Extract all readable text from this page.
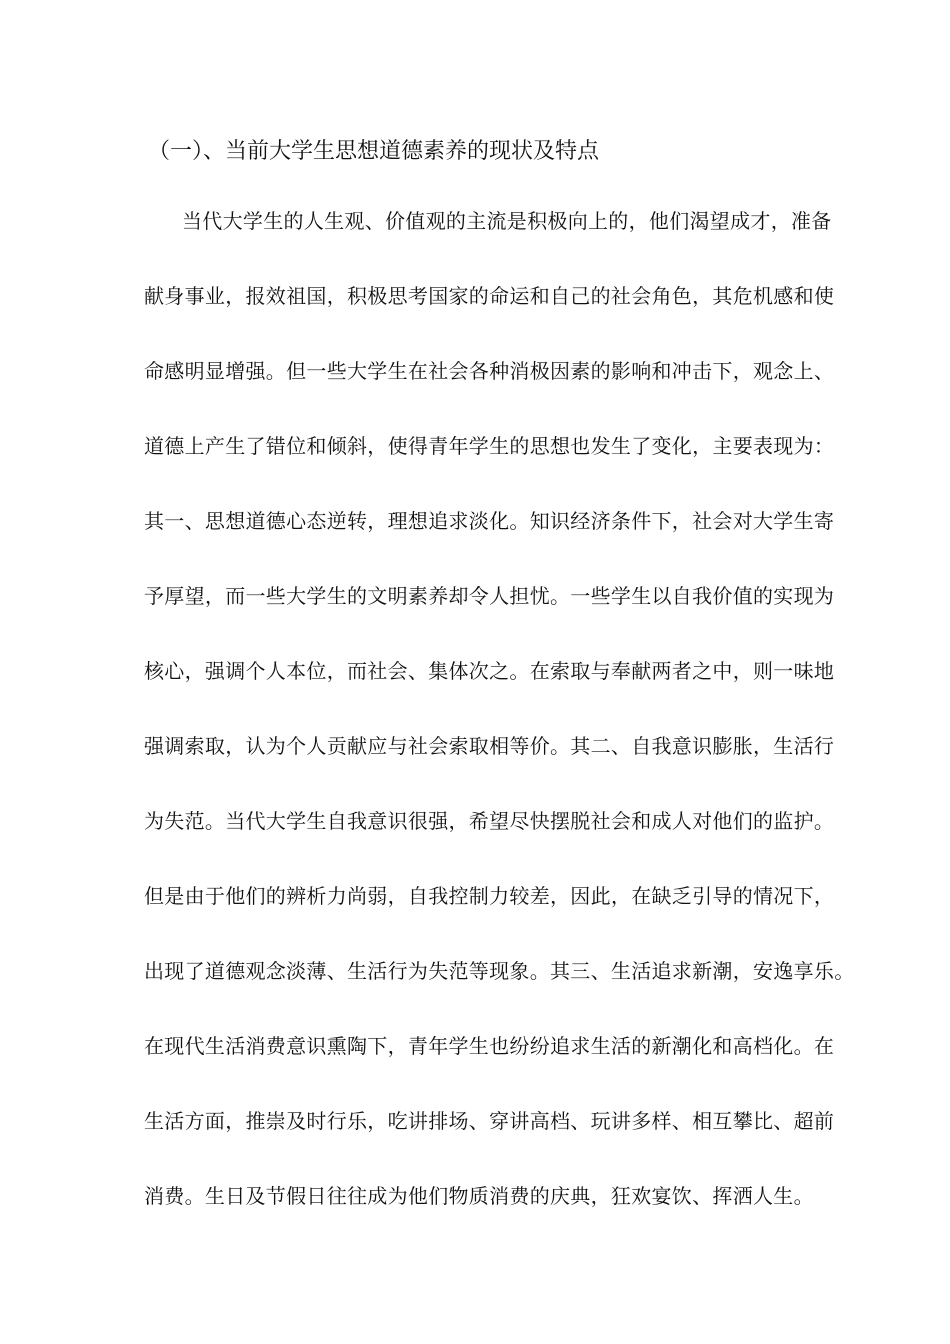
（一）、当前大学生思想道德素养的现状及特点
当代大学生的人生观、价值观的主流是积极向上的，他们渴望成才，准备
献身事业，报效祖国，积极思考国家的命运和自己的社会角色，其危机感和使
命感明显增强。但一些大学生在社会各种消极因素的影响和冲击下，观念上、
道德上产生了错位和倾斜，使得青年学生的思想也发生了变化，主要表现为：
其一、思想道德心态逆转，理想追求淡化。知识经济条件下，社会对大学生寄
予厚望，而一些大学生的文明素养却令人担忧。一些学生以自我价值的实现为
核心，强调个人本位，而社会、集体次之。在索取与奉献两者之中，则一味地
强调索取，认为个人贡献应与社会索取相等价。其二、自我意识膨胀，生活行
为失范。当代大学生自我意识很强，希望尽快摆脱社会和成人对他们的监护。
但是由于他们的辨析力尚弱，自我控制力较差，因此，在缺乏引导的情况下，
出现了道德观念淡薄、生活行为失范等现象。其三、生活追求新潮，安逸享乐。
在现代生活消费意识熏陶下，青年学生也纷纷追求生活的新潮化和高档化。在
生活方面，推崇及时行乐，吃讲排场、穿讲高档、玩讲多样、相互攀比、超前
消费。生日及节假日往往成为他们物质消费的庆典，狂欢宴饮、挥洒人生。
